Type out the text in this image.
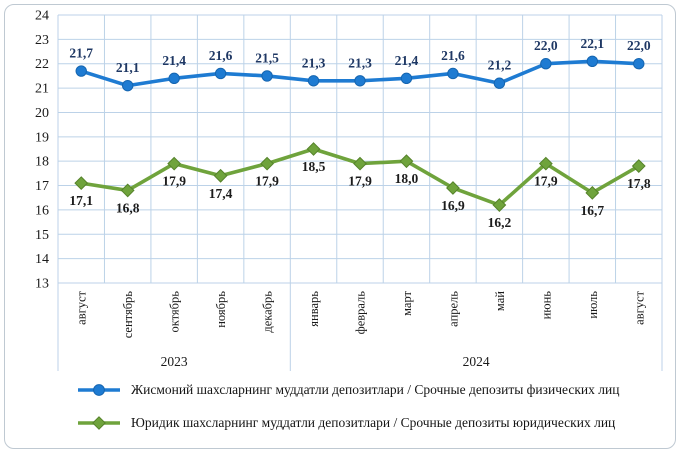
13
14
15
16
17
18
19
20
21
22
23
24
август	сентябрь	октябрь	ноябрь	декабрь	январь	февраль	март	апрель	май	июнь	июль	август
2023	2024
21,7
21,1 21,4 21,6 21,5 21,3 21,3 21,4 21,6
21,2
22,0 22,1 22,0
17,1 16,8
17,9
17,4
17,9
18,5
17,9 18,0
16,9
16,2
17,9
16,7
17,8
Жисмоний шахсларнинг муддатли депозитлари / Срочные депозиты физических лиц
Юридик шахсларнинг муддатли депозитлари / Срочные депозиты юридических лиц
